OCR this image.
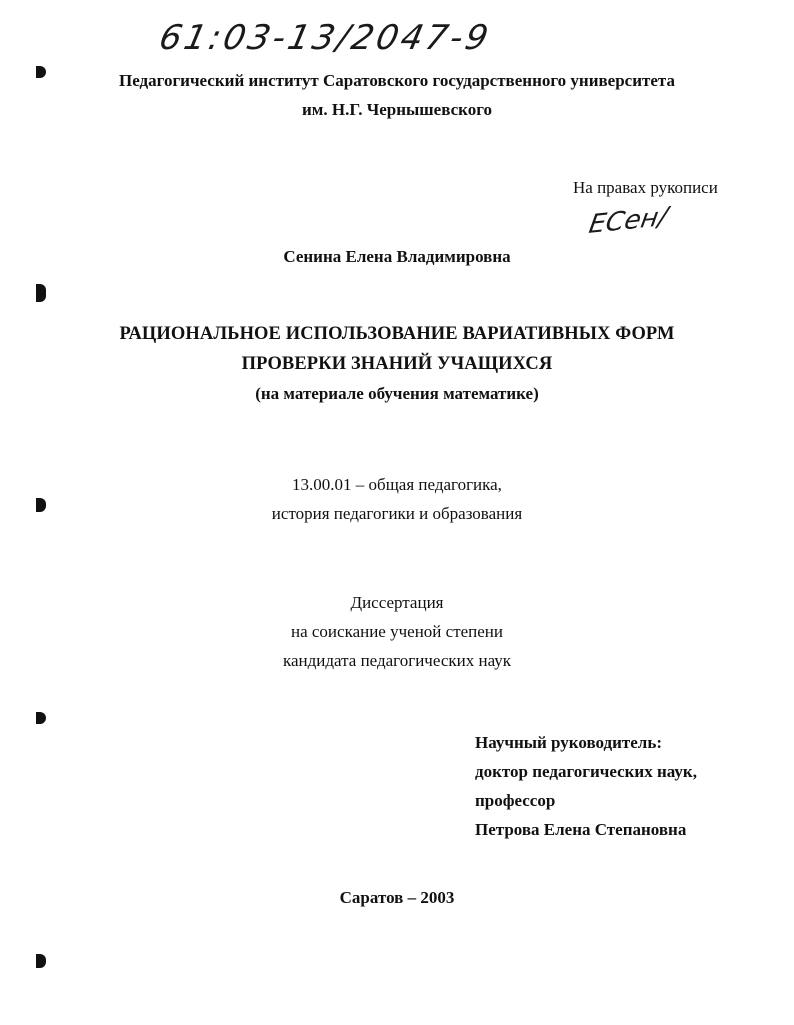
61:03-13/2047-9
Педагогический институт Саратовского государственного университета
им. Н.Г. Чернышевского
На правах рукописи
ЕСен/
Сенина Елена Владимировна
РАЦИОНАЛЬНОЕ ИСПОЛЬЗОВАНИЕ ВАРИАТИВНЫХ ФОРМ
ПРОВЕРКИ ЗНАНИЙ УЧАЩИХСЯ
(на материале обучения математике)
13.00.01 – общая педагогика,
история педагогики и образования
Диссертация
на соискание ученой степени
кандидата педагогических наук
Научный руководитель:
доктор педагогических наук,
профессор
Петрова Елена Степановна
Саратов – 2003
